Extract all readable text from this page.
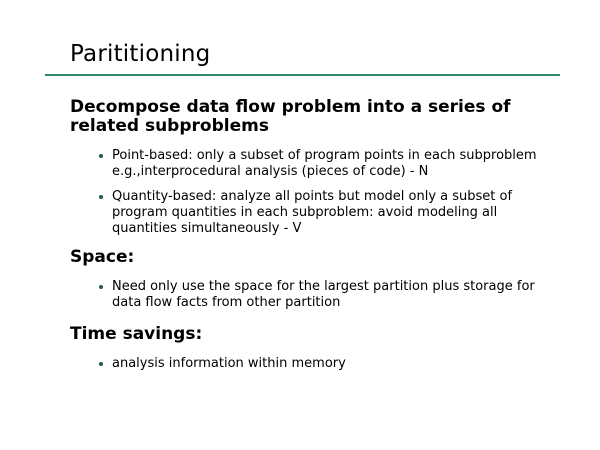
Parititioning
Decompose data flow problem into a series of related subproblems
Point-based: only a subset of program points in each subproblem e.g.,interprocedural analysis (pieces of code) - N
Quantity-based: analyze all points but model only a subset of program quantities in each subproblem: avoid modeling all quantities simultaneously - V
Space:
Need only use the space for the largest partition plus storage for data flow facts from other partition
Time savings:
analysis information within memory
